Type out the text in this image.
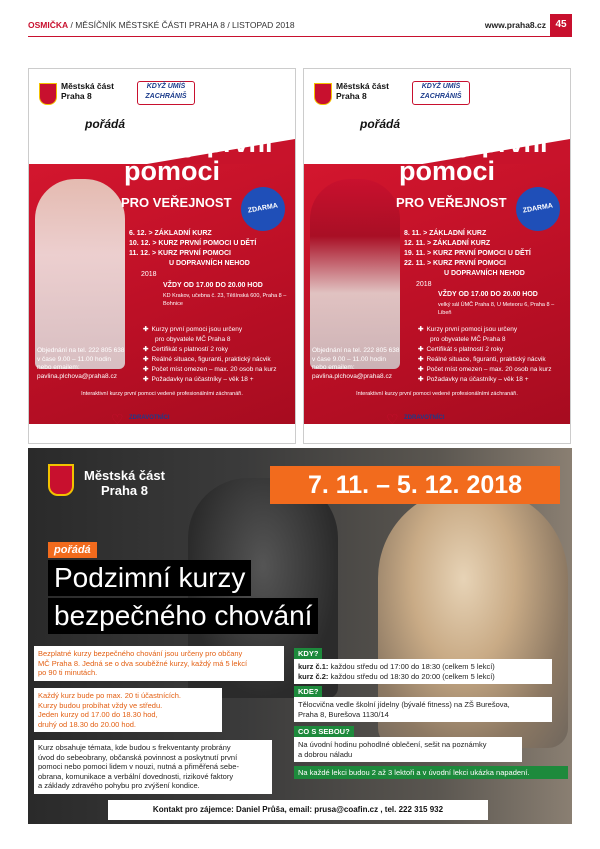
OSMIČKA / MĚSÍČNÍK MĚSTSKÉ ČÁSTI PRAHA 8 / LISTOPAD 2018	www.praha8.cz 45
Městská část Praha 8
KDYŽ UMÍŠ ZACHRÁNIŠ
pořádá
Kurzy první
pomoci
PRO VEŘEJNOST	ZDARMA
6. 12. > ZÁKLADNÍ KURZ
10. 12. > KURZ PRVNÍ POMOCI U DĚTÍ
11. 12. > KURZ PRVNÍ POMOCI
U DOPRAVNÍCH NEHOD
2018
VŽDY OD 17.00 DO 20.00 HOD
KD Krakov, učebna č. 23, Těšínská 600, Praha 8 – Bohnice
✚ Kurzy první pomoci jsou určeny
pro obyvatele MČ Praha 8
✚ Certifikát s platností 2 roky
✚ Reálné situace, figuranti, praktický nácvik
✚ Počet míst omezen – max. 20 osob na kurz
✚ Požadavky na účastníky – věk 18 +
Objednání na tel. 222 805 638
v čase 9.00 – 11.00 hodin
nebo emailem:
pavlina.plchova@praha8.cz
Interaktivní kurzy první pomoci vedené profesionálními záchranáři.
♡ ZDRAVOTNÍCI
Městská část Praha 8
KDYŽ UMÍŠ ZACHRÁNIŠ
pořádá
Kurzy první
pomoci
PRO VEŘEJNOST	ZDARMA
8. 11. > ZÁKLADNÍ KURZ
12. 11. > ZÁKLADNÍ KURZ
19. 11. > KURZ PRVNÍ POMOCI U DĚTÍ
22. 11. > KURZ PRVNÍ POMOCI
U DOPRAVNÍCH NEHOD
2018
VŽDY OD 17.00 DO 20.00 HOD
velký sál ÚMČ Praha 8, U Meteoru 6, Praha 8 – Libeň
✚ Kurzy první pomoci jsou určeny
pro obyvatele MČ Praha 8
✚ Certifikát s platností 2 roky
✚ Reálné situace, figuranti, praktický nácvik
✚ Počet míst omezen – max. 20 osob na kurz
✚ Požadavky na účastníky – věk 18 +
Objednání na tel. 222 805 638
v čase 9.00 – 11.00 hodin
nebo emailem:
pavlina.plchova@praha8.cz
Interaktivní kurzy první pomoci vedené profesionálními záchranáři.
♡ ZDRAVOTNÍCI
Městská část
Praha 8	7. 11. – 5. 12. 2018
pořádá
Podzimní kurzy
bezpečného chování
Bezplatné kurzy bezpečného chování jsou určeny pro občany
MČ Praha 8. Jedná se o dva souběžné kurzy, každý má 5 lekcí
po 90 ti minutách.
Každý kurz bude po max. 20 ti účastnících.
Kurzy budou probíhat vždy ve středu.
Jeden kurzy od 17.00 do 18.30 hod,
druhý od 18.30 do 20.00 hod.
Kurz obsahuje témata, kde budou s frekventanty probrány
úvod do sebeobrany, občanská povinnost a poskytnutí první
pomoci nebo pomoci lidem v nouzi, nutná a přiměřená sebe-
obrana, komunikace a verbální dovednosti, rizikové faktory
a základy zdravého pohybu pro zvýšení kondice.
KDY?
kurz č.1: každou středu od 17:00 do 18:30 (celkem 5 lekcí)
kurz č.2: každou středu od 18:30 do 20:00 (celkem 5 lekcí)
KDE?
Tělocvična vedle školní jídelny (bývalé fitness) na ZŠ Burešova,
Praha 8, Burešova 1130/14
CO S SEBOU?
Na úvodní hodinu pohodlné oblečení, sešit na poznámky
a dobrou náladu
Na každé lekci budou 2 až 3 lektoři a v úvodní lekci ukázka napadení.
Kontakt pro zájemce: Daniel Průša, email: prusa@coafin.cz , tel. 222 315 932
